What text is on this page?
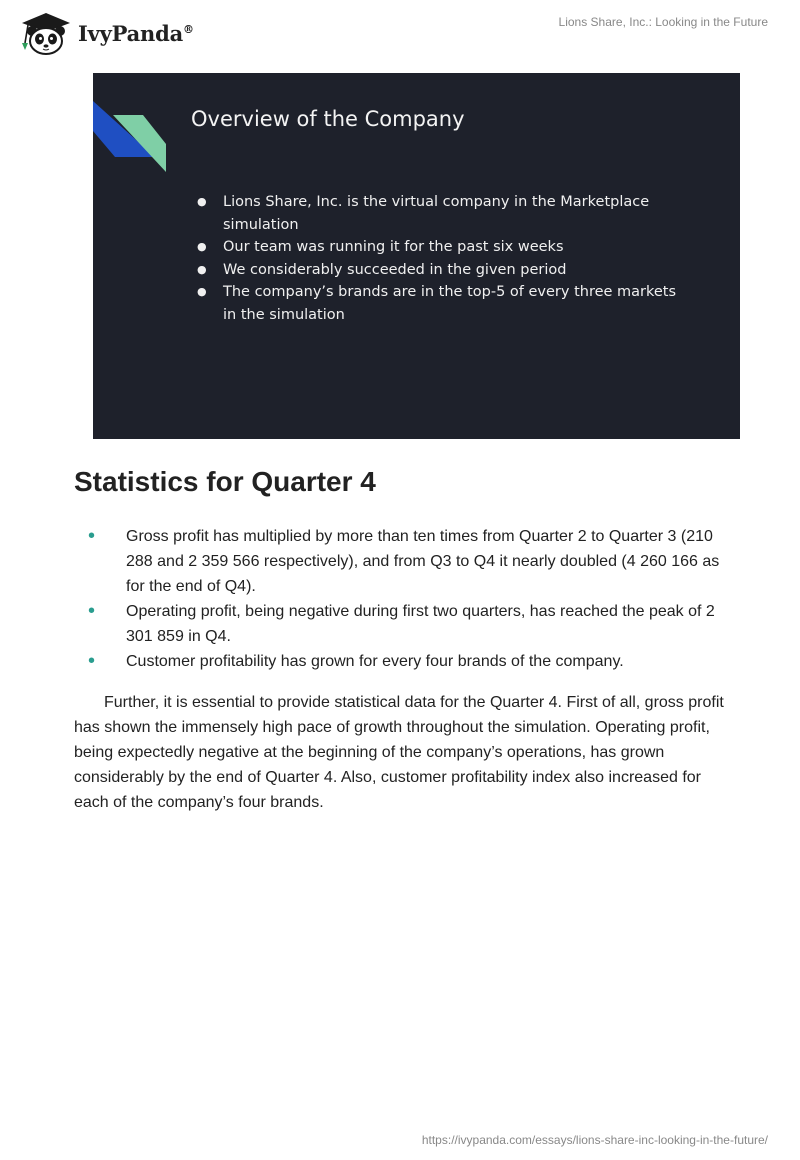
IvyPanda®	Lions Share, Inc.: Looking in the Future
Overview of the Company
● Lions Share, Inc. is the virtual company in the Marketplace simulation
● Our team was running it for the past six weeks
● We considerably succeeded in the given period
● The company’s brands are in the top-5 of every three markets in the simulation
Statistics for Quarter 4
• Gross profit has multiplied by more than ten times from Quarter 2 to Quarter 3 (210 288 and 2 359 566 respectively), and from Q3 to Q4 it nearly doubled (4 260 166 as for the end of Q4).
• Operating profit, being negative during first two quarters, has reached the peak of 2 301 859 in Q4.
• Customer profitability has grown for every four brands of the company.

Further, it is essential to provide statistical data for the Quarter 4. First of all, gross profit has shown the immensely high pace of growth throughout the simulation. Operating profit, being expectedly negative at the beginning of the company’s operations, has grown considerably by the end of Quarter 4. Also, customer profitability index also increased for each of the company’s four brands.

https://ivypanda.com/essays/lions-share-inc-looking-in-the-future/
